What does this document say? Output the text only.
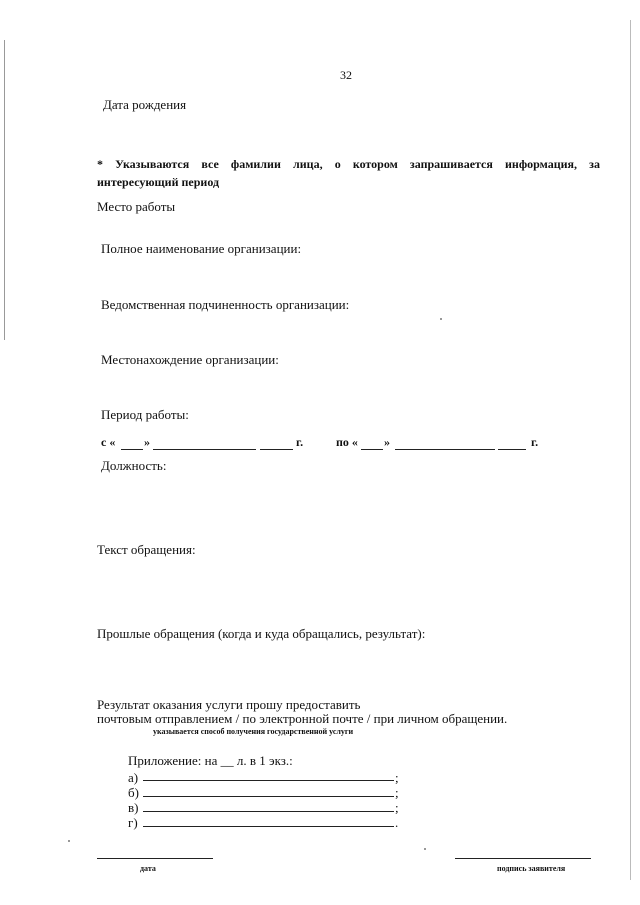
32
Дата рождения
* Указываются все фамилии лица, о котором запрашивается информация, за интересующий период
Место работы
Полное наименование организации:
Ведомственная подчиненность организации:
Местонахождение организации:
Период работы:
с « »	г.	по « »	г.
Должность:
Текст обращения:
Прошлые обращения (когда и куда обращались, результат):
Результат оказания услуги прошу предоставить
почтовым отправлением / по электронной почте / при личном обращении.
указывается способ получения государственной услуги
Приложение: на __ л. в 1 экз.:
а)	;
б)	;
в)	;
г)	.
дата	подпись заявителя
